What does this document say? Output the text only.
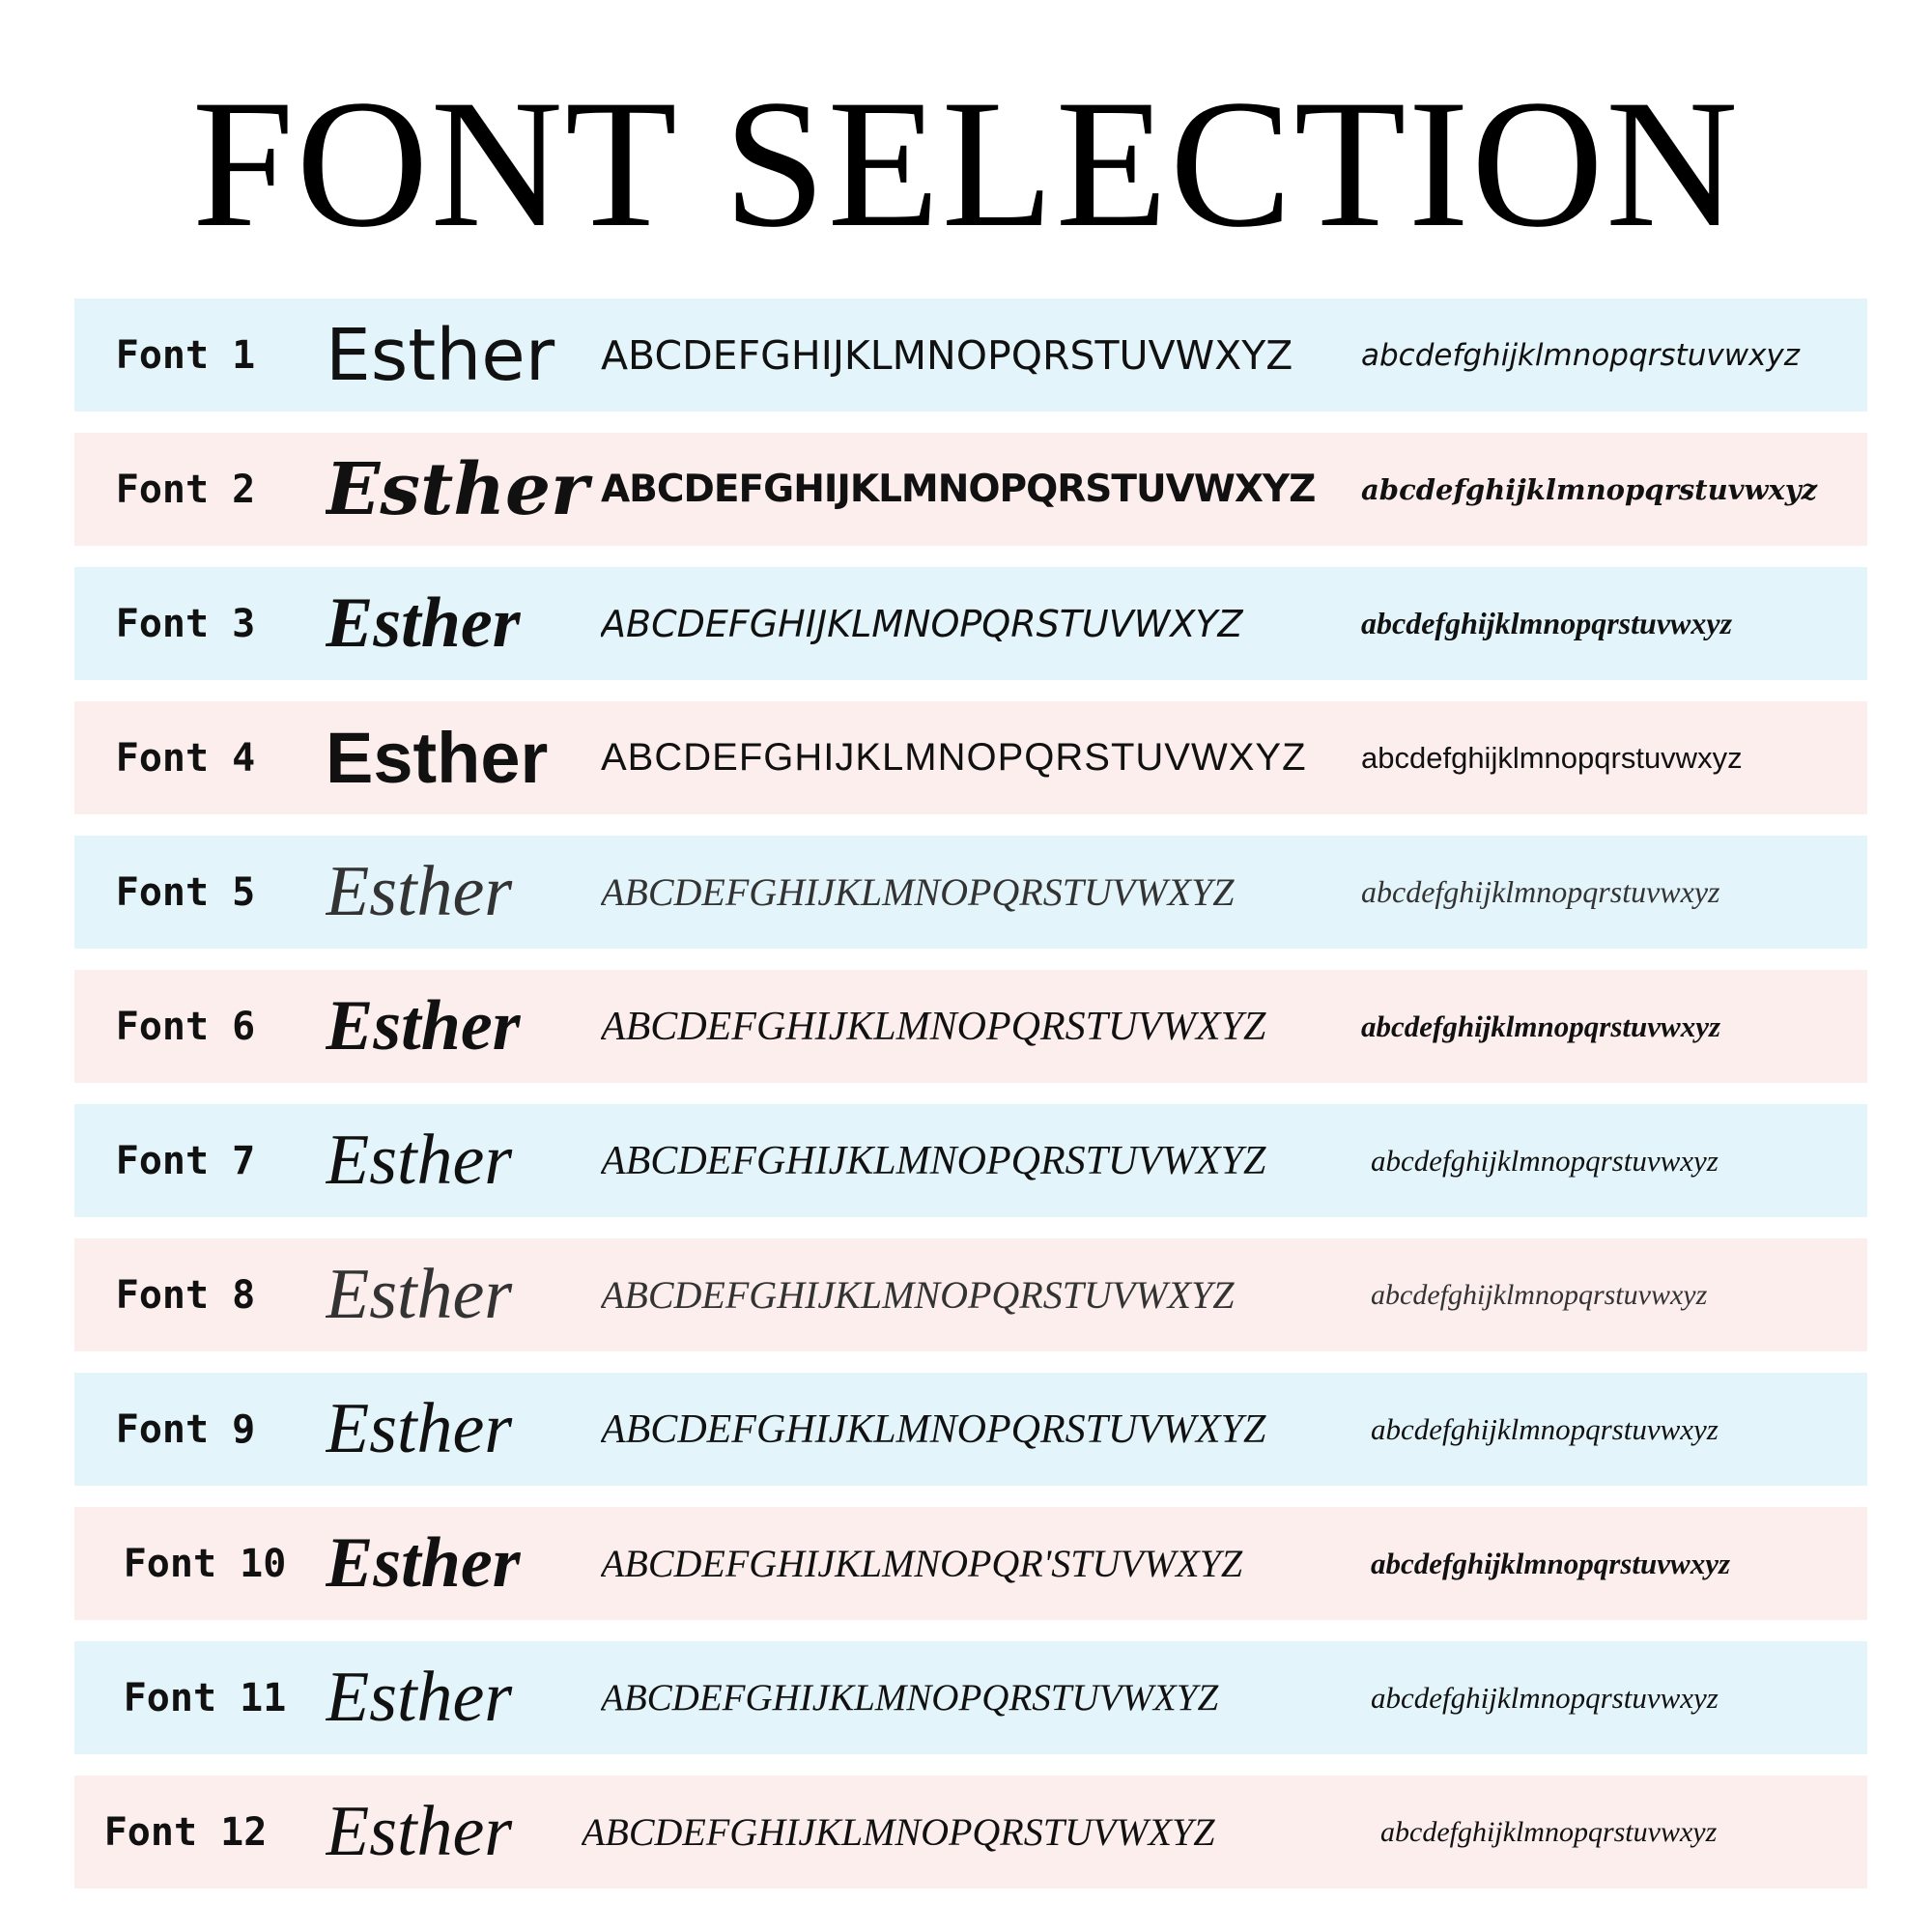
FONT SELECTION
Font 1 Esther	ABCDEFGHIJKLMNOPQRSTUVWXYZ	abcdefghijklmnopqrstuvwxyz
Font 2 Esther ABCDEFGHIJKLMNOPQRSTUVWXYZ	abcdefghijklmnopqrstuvwxyz
Font 3 Esther	ABCDEFGHIJKLMNOPQRSTUVWXYZ	abcdefghijklmnopqrstuvwxyz
Font 4 Esther	ABCDEFGHIJKLMNOPQRSTUVWXYZ	abcdefghijklmnopqrstuvwxyz
Font 5 Esther	ABCDEFGHIJKLMNOPQRSTUVWXYZ	abcdefghijklmnopqrstuvwxyz
Font 6 Esther	ABCDEFGHIJKLMNOPQRSTUVWXYZ	abcdefghijklmnopqrstuvwxyz
Font 7 Esther	ABCDEFGHIJKLMNOPQRSTUVWXYZ	abcdefghijklmnopqrstuvwxyz
Font 8 Esther	ABCDEFGHIJKLMNOPQRSTUVWXYZ	abcdefghijklmnopqrstuvwxyz
Font 9 Esther	ABCDEFGHIJKLMNOPQRSTUVWXYZ	abcdefghijklmnopqrstuvwxyz
Font 10 Esther	ABCDEFGHIJKLMNOPQR'STUVWXYZ	abcdefghijklmnopqrstuvwxyz
Font 11 Esther	ABCDEFGHIJKLMNOPQRSTUVWXYZ	abcdefghijklmnopqrstuvwxyz
Font 12 Esther	ABCDEFGHIJKLMNOPQRSTUVWXYZ	abcdefghijklmnopqrstuvwxyz
